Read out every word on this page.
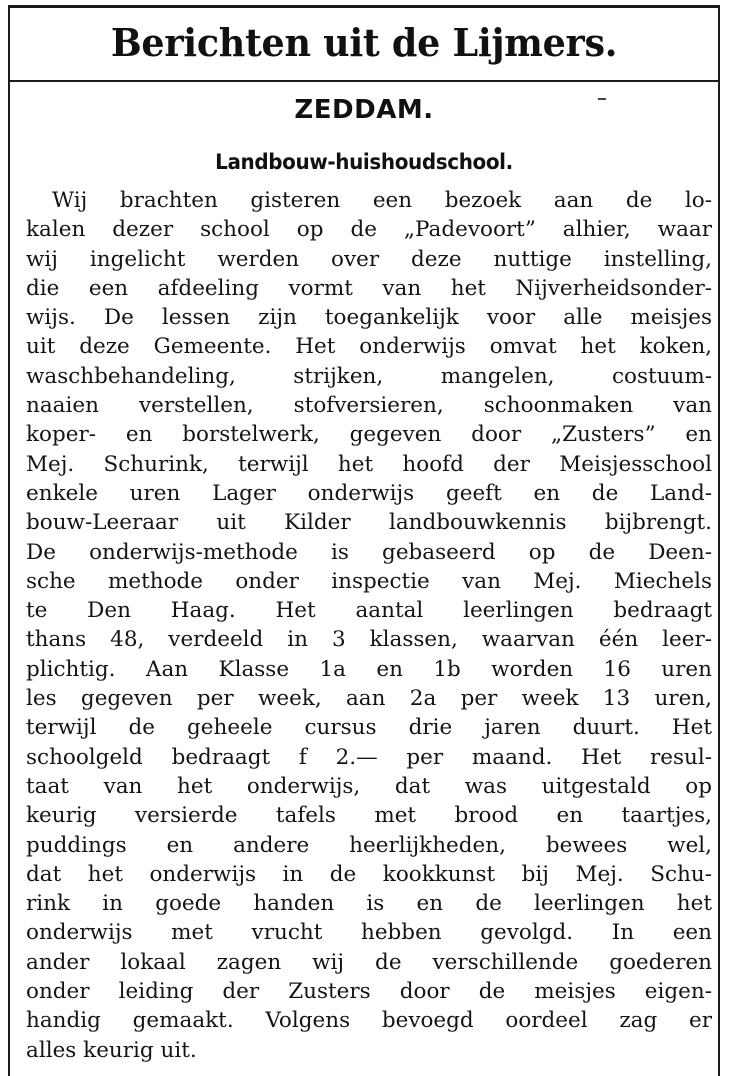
Berichten uit de Lijmers.
ZEDDAM.
Landbouw-huishoudschool.
Wij brachten gisteren een bezoek aan de lo-
kalen dezer school op de „Padevoort” alhier, waar
wij ingelicht werden over deze nuttige instelling,
die een afdeeling vormt van het Nijverheidsonder-
wijs. De lessen zijn toegankelijk voor alle meisjes
uit deze Gemeente. Het onderwijs omvat het koken,
waschbehandeling, strijken, mangelen, costuum-
naaien verstellen, stofversieren, schoonmaken van
koper- en borstelwerk, gegeven door „Zusters” en
Mej. Schurink, terwijl het hoofd der Meisjesschool
enkele uren Lager onderwijs geeft en de Land-
bouw-Leeraar uit Kilder landbouwkennis bijbrengt.
De onderwijs-methode is gebaseerd op de Deen-
sche methode onder inspectie van Mej. Miechels
te Den Haag. Het aantal leerlingen bedraagt
thans 48, verdeeld in 3 klassen, waarvan één leer-
plichtig. Aan Klasse 1a en 1b worden 16 uren
les gegeven per week, aan 2a per week 13 uren,
terwijl de geheele cursus drie jaren duurt. Het
schoolgeld bedraagt f 2.— per maand. Het resul-
taat van het onderwijs, dat was uitgestald op
keurig versierde tafels met brood en taartjes,
puddings en andere heerlijkheden, bewees wel,
dat het onderwijs in de kookkunst bij Mej. Schu-
rink in goede handen is en de leerlingen het
onderwijs met vrucht hebben gevolgd. In een
ander lokaal zagen wij de verschillende goederen
onder leiding der Zusters door de meisjes eigen-
handig gemaakt. Volgens bevoegd oordeel zag er
alles keurig uit.
